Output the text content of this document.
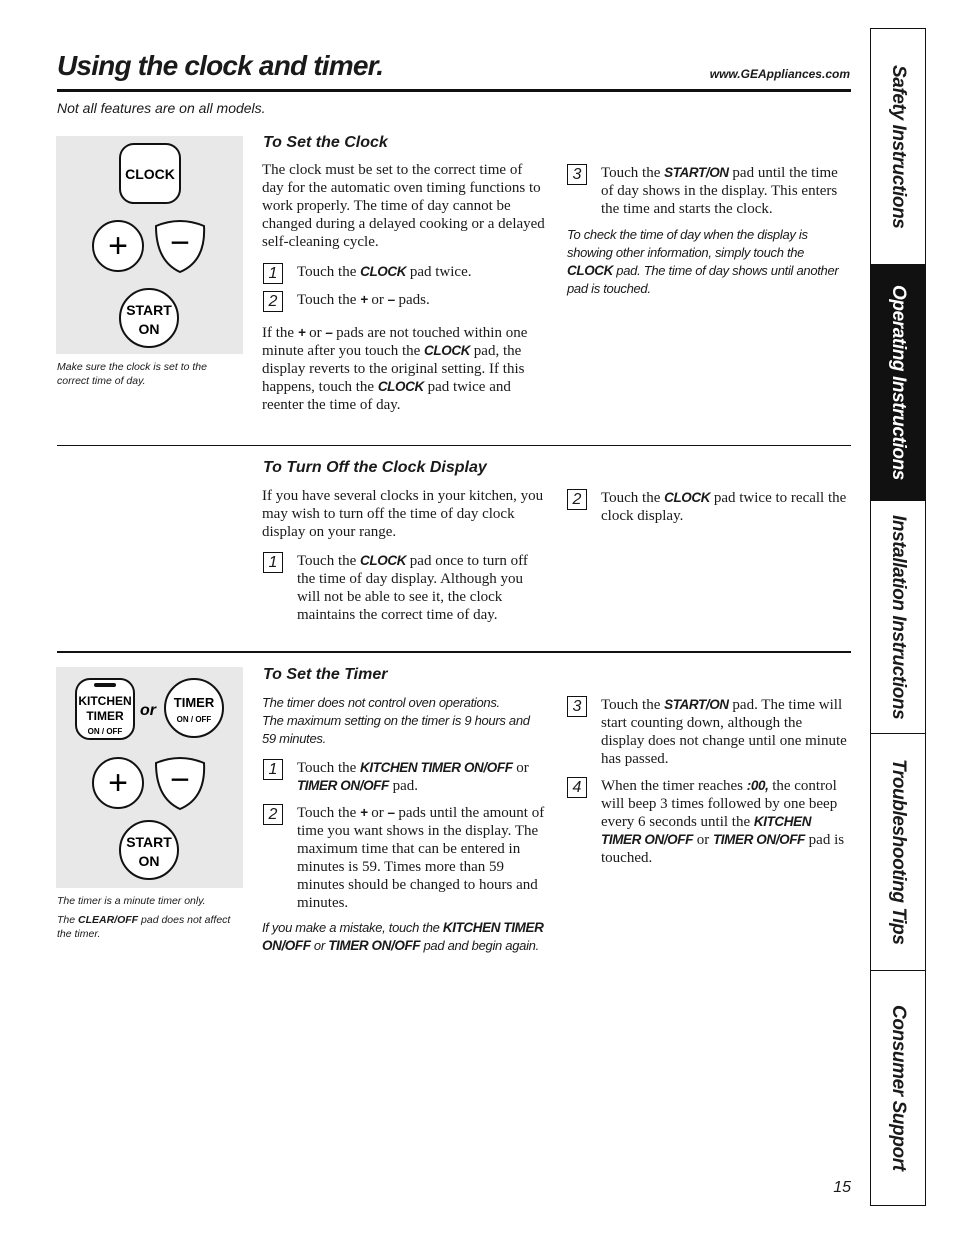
Using the clock and timer.	www.GEAppliances.com
Not all features are on all models.
CLOCK
+ −
START
ON
Make sure the clock is set to the correct time of day.
To Set the Clock
The clock must be set to the correct time of day for the automatic oven timing functions to work properly. The time of day cannot be changed during a delayed cooking or a delayed self-cleaning cycle.
1	Touch the CLOCK pad twice.
2	Touch the + or – pads.
If the + or – pads are not touched within one minute after you touch the CLOCK pad, the display reverts to the original setting. If this happens, touch the CLOCK pad twice and reenter the time of day.
3	Touch the START/ON pad until the time of day shows in the display. This enters the time and starts the clock.
To check the time of day when the display is showing other information, simply touch the CLOCK pad. The time of day shows until another pad is touched.
To Turn Off the Clock Display
If you have several clocks in your kitchen, you may wish to turn off the time of day clock display on your range.
1	Touch the CLOCK pad once to turn off the time of day display. Although you will not be able to see it, the clock maintains the correct time of day.
2	Touch the CLOCK pad twice to recall the clock display.
KITCHEN
TIMER
ON / OFF
or TIMER
ON / OFF
+ −
START
ON
The timer is a minute timer only.
The CLEAR/OFF pad does not affect the timer.
To Set the Timer
The timer does not control oven operations.
The maximum setting on the timer is 9 hours and 59 minutes.
1	Touch the KITCHEN TIMER ON/OFF or TIMER ON/OFF pad.
2	Touch the + or – pads until the amount of time you want shows in the display. The maximum time that can be entered in minutes is 59. Times more than 59 minutes should be changed to hours and minutes.
If you make a mistake, touch the KITCHEN TIMER ON/OFF or TIMER ON/OFF pad and begin again.
3	Touch the START/ON pad. The time will start counting down, although the display does not change until one minute has passed.
4	When the timer reaches :00, the control will beep 3 times followed by one beep every 6 seconds until the KITCHEN TIMER ON/OFF or TIMER ON/OFF pad is touched.
Safety Instructions
Operating Instructions
Installation Instructions
Troubleshooting Tips
Consumer Support
15
